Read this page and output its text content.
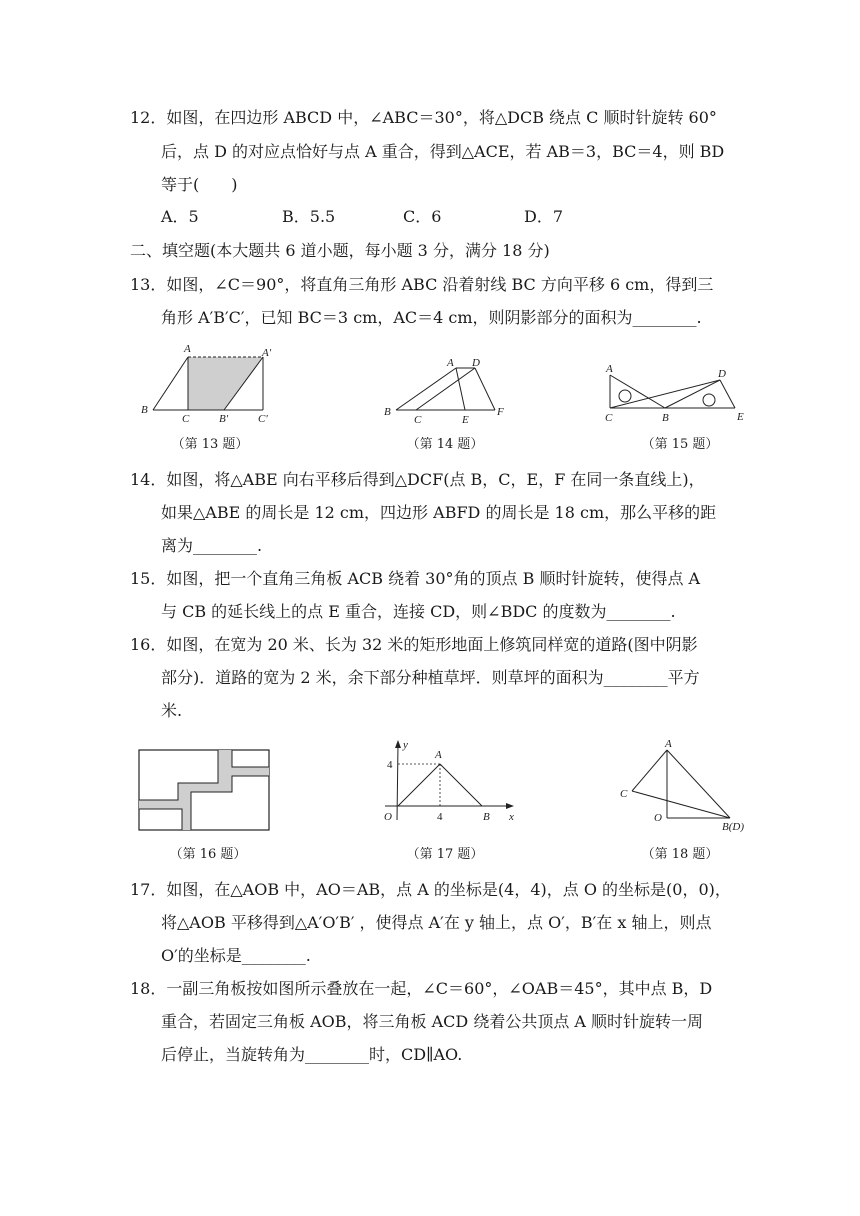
12．如图，在四边形 ABCD 中，∠ABC＝30°，将△DCB 绕点 C 顺时针旋转 60°
后，点 D 的对应点恰好与点 A 重合，得到△ACE，若 AB＝3，BC＝4，则 BD
等于(　　)
A．5	B．5.5	C．6	D．7
二、填空题(本大题共 6 道小题，每小题 3 分，满分 18 分)
13．如图，∠C＝90°，将直角三角形 ABC 沿着射线 BC 方向平移 6 cm，得到三
角形 A′B′C′，已知 BC＝3 cm，AC＝4 cm，则阴影部分的面积为________.
A	A′
B
C	B′	C′
（第 13 题）
A D
B
C	E
F
（第 14 题）
A	D
C	B	E
（第 15 题）
14．如图，将△ABE 向右平移后得到△DCF(点 B，C，E，F 在同一条直线上)，
如果△ABE 的周长是 12 cm，四边形 ABFD 的周长是 18 cm，那么平移的距
离为________.
15．如图，把一个直角三角板 ACB 绕着 30°角的顶点 B 顺时针旋转，使得点 A
与 CB 的延长线上的点 E 重合，连接 CD，则∠BDC 的度数为________.
16．如图，在宽为 20 米、长为 32 米的矩形地面上修筑同样宽的道路(图中阴影
部分)．道路的宽为 2 米，余下部分种植草坪．则草坪的面积为________平方
米.
（第 16 题）
y
x
O
A
B
4
4
（第 17 题）
A
C
O
B(D)
（第 18 题）
17．如图，在△AOB 中，AO＝AB，点 A 的坐标是(4，4)，点 O 的坐标是(0，0)，
将△AOB 平移得到△A′O′B′ ，使得点 A′在 y 轴上，点 O′，B′在 x 轴上，则点
O′的坐标是________.
18．一副三角板按如图所示叠放在一起，∠C＝60°，∠OAB＝45°，其中点 B，D
重合，若固定三角板 AOB，将三角板 ACD 绕着公共顶点 A 顺时针旋转一周
后停止，当旋转角为________时，CD∥AO.
